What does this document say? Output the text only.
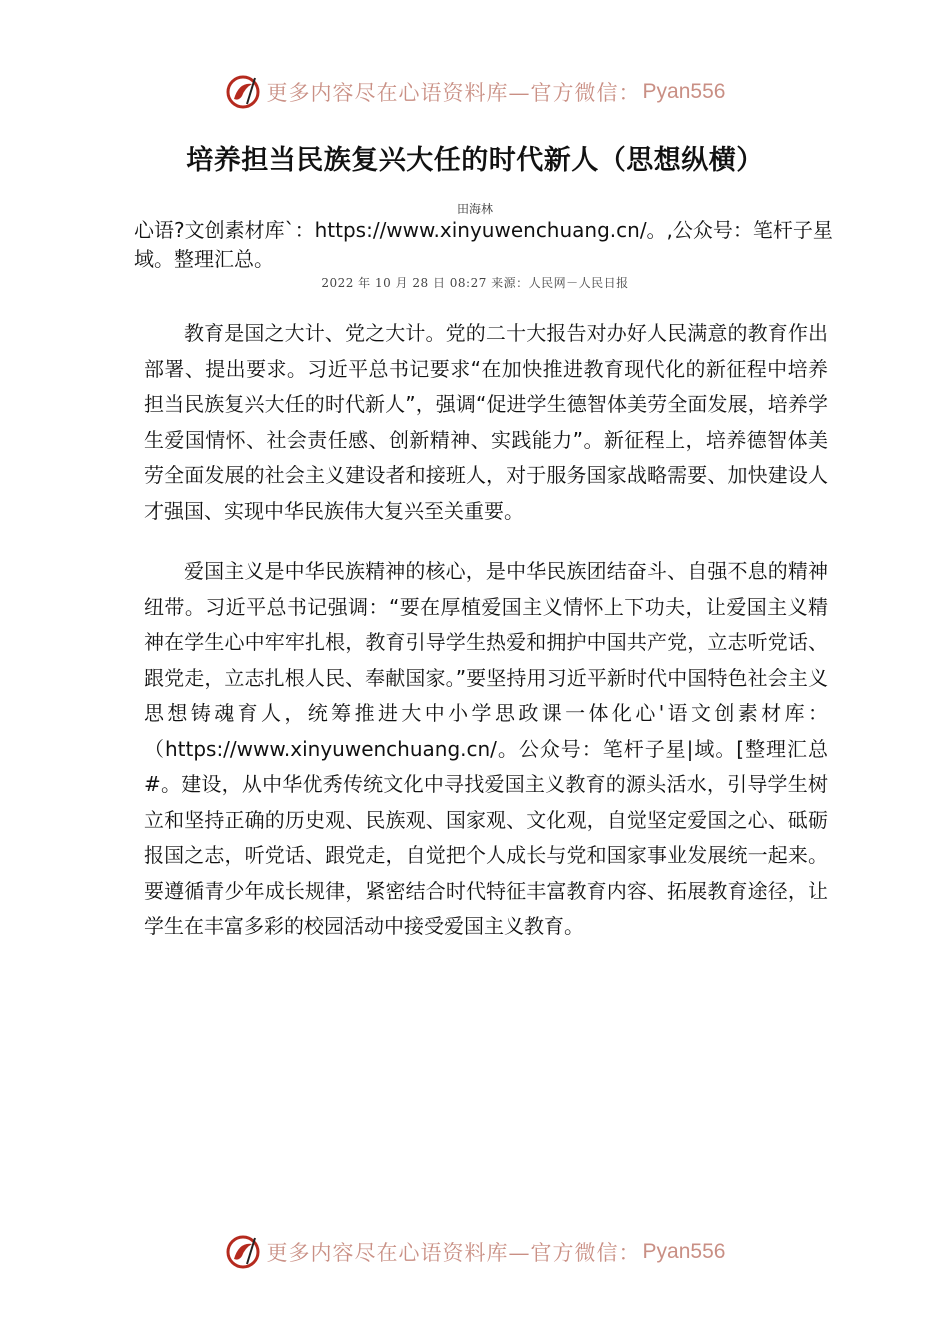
更多内容尽在心语资料库—官方微信： Pyan556
培养担当民族复兴大任的时代新人（思想纵横）
田海林
心语?文创素材库`：https://www.xinyuwenchuang.cn/。,公众号：笔杆子星域。整理汇总。
2022 年 10 月 28 日 08:27 来源：人民网－人民日报

教育是国之大计、党之大计。党的二十大报告对办好人民满意的教育作出部署、提出要求。习近平总书记要求“在加快推进教育现代化的新征程中培养担当民族复兴大任的时代新人”，强调“促进学生德智体美劳全面发展，培养学生爱国情怀、社会责任感、创新精神、实践能力”。新征程上，培养德智体美劳全面发展的社会主义建设者和接班人，对于服务国家战略需要、加快建设人才强国、实现中华民族伟大复兴至关重要。

爱国主义是中华民族精神的核心，是中华民族团结奋斗、自强不息的精神纽带。习近平总书记强调：“要在厚植爱国主义情怀上下功夫，让爱国主义精神在学生心中牢牢扎根，教育引导学生热爱和拥护中国共产党，立志听党话、跟党走，立志扎根人民、奉献国家。”要坚持用习近平新时代中国特色社会主义思想铸魂育人，统筹推进大中小学思政课一体化心'语文创素材库：（https://www.xinyuwenchuang.cn/。公众号：笔杆子星|域。[整理汇总#。建设，从中华优秀传统文化中寻找爱国主义教育的源头活水，引导学生树立和坚持正确的历史观、民族观、国家观、文化观，自觉坚定爱国之心、砥砺报国之志，听党话、跟党走，自觉把个人成长与党和国家事业发展统一起来。要遵循青少年成长规律，紧密结合时代特征丰富教育内容、拓展教育途径，让学生在丰富多彩的校园活动中接受爱国主义教育。

更多内容尽在心语资料库—官方微信： Pyan556
